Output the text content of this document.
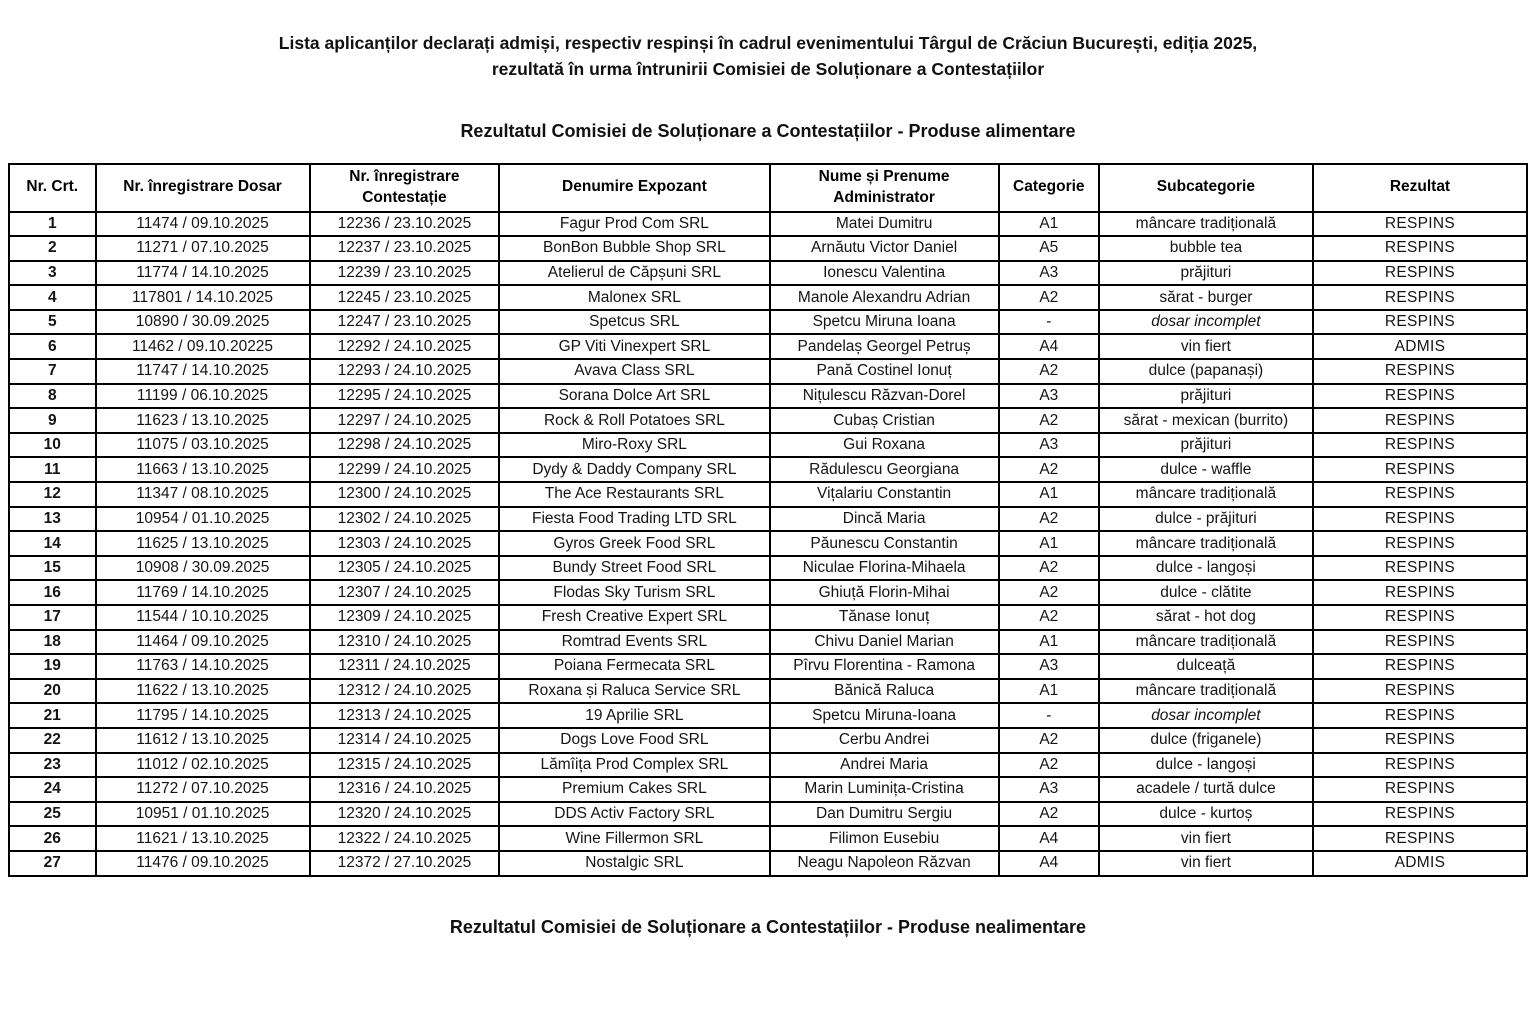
Lista aplicanților declarați admiși, respectiv respinși în cadrul evenimentului Târgul de Crăciun București, ediția 2025,
rezultată în urma întrunirii Comisiei de Soluționare a Contestațiilor
Rezultatul Comisiei de Soluționare a Contestațiilor - Produse alimentare
Nr. Crt.	Nr. înregistrare Dosar	Nr. înregistrare Contestație	Denumire Expozant	Nume și Prenume Administrator	Categorie	Subcategorie	Rezultat
1	11474 / 09.10.2025	12236 / 23.10.2025	Fagur Prod Com SRL	Matei Dumitru	A1	mâncare tradițională	RESPINS
2	11271 / 07.10.2025	12237 / 23.10.2025	BonBon Bubble Shop SRL	Arnăutu Victor Daniel	A5	bubble tea	RESPINS
3	11774 / 14.10.2025	12239 / 23.10.2025	Atelierul de Căpșuni SRL	Ionescu Valentina	A3	prăjituri	RESPINS
4	117801 / 14.10.2025	12245 / 23.10.2025	Malonex SRL	Manole Alexandru Adrian	A2	sărat - burger	RESPINS
5	10890 / 30.09.2025	12247 / 23.10.2025	Spetcus SRL	Spetcu Miruna Ioana	-	dosar incomplet	RESPINS
6	11462 / 09.10.20225	12292 / 24.10.2025	GP Viti Vinexpert SRL	Pandelaș Georgel Petruș	A4	vin fiert	ADMIS
7	11747 / 14.10.2025	12293 / 24.10.2025	Avava Class SRL	Pană Costinel Ionuț	A2	dulce (papanași)	RESPINS
8	11199 / 06.10.2025	12295 / 24.10.2025	Sorana Dolce Art SRL	Nițulescu Răzvan-Dorel	A3	prăjituri	RESPINS
9	11623 / 13.10.2025	12297 / 24.10.2025	Rock & Roll Potatoes SRL	Cubaș Cristian	A2	sărat - mexican (burrito)	RESPINS
10	11075 / 03.10.2025	12298 / 24.10.2025	Miro-Roxy SRL	Gui Roxana	A3	prăjituri	RESPINS
11	11663 / 13.10.2025	12299 / 24.10.2025	Dydy & Daddy Company SRL	Rădulescu Georgiana	A2	dulce - waffle	RESPINS
12	11347 / 08.10.2025	12300 / 24.10.2025	The Ace Restaurants SRL	Vițalariu Constantin	A1	mâncare tradițională	RESPINS
13	10954 / 01.10.2025	12302 / 24.10.2025	Fiesta Food Trading LTD SRL	Dincă Maria	A2	dulce - prăjituri	RESPINS
14	11625 / 13.10.2025	12303 / 24.10.2025	Gyros Greek Food SRL	Păunescu Constantin	A1	mâncare tradițională	RESPINS
15	10908 / 30.09.2025	12305 / 24.10.2025	Bundy Street Food SRL	Niculae Florina-Mihaela	A2	dulce - langoși	RESPINS
16	11769 / 14.10.2025	12307 / 24.10.2025	Flodas Sky Turism SRL	Ghiuță Florin-Mihai	A2	dulce - clătite	RESPINS
17	11544 / 10.10.2025	12309 / 24.10.2025	Fresh Creative Expert SRL	Tănase Ionuț	A2	sărat - hot dog	RESPINS
18	11464 / 09.10.2025	12310 / 24.10.2025	Romtrad Events SRL	Chivu Daniel Marian	A1	mâncare tradițională	RESPINS
19	11763 / 14.10.2025	12311 / 24.10.2025	Poiana Fermecata SRL	Pîrvu Florentina - Ramona	A3	dulceață	RESPINS
20	11622 / 13.10.2025	12312 / 24.10.2025	Roxana și Raluca Service SRL	Bănică Raluca	A1	mâncare tradițională	RESPINS
21	11795 / 14.10.2025	12313 / 24.10.2025	19 Aprilie SRL	Spetcu Miruna-Ioana	-	dosar incomplet	RESPINS
22	11612 / 13.10.2025	12314 / 24.10.2025	Dogs Love Food SRL	Cerbu Andrei	A2	dulce (friganele)	RESPINS
23	11012 / 02.10.2025	12315 / 24.10.2025	Lămîița Prod Complex SRL	Andrei Maria	A2	dulce - langoși	RESPINS
24	11272 / 07.10.2025	12316 / 24.10.2025	Premium Cakes SRL	Marin Luminița-Cristina	A3	acadele / turtă dulce	RESPINS
25	10951 / 01.10.2025	12320 / 24.10.2025	DDS Activ Factory SRL	Dan Dumitru Sergiu	A2	dulce - kurtoș	RESPINS
26	11621 / 13.10.2025	12322 / 24.10.2025	Wine Fillermon SRL	Filimon Eusebiu	A4	vin fiert	RESPINS
27	11476 / 09.10.2025	12372 / 27.10.2025	Nostalgic SRL	Neagu Napoleon Răzvan	A4	vin fiert	ADMIS
Rezultatul Comisiei de Soluționare a Contestațiilor - Produse nealimentare
